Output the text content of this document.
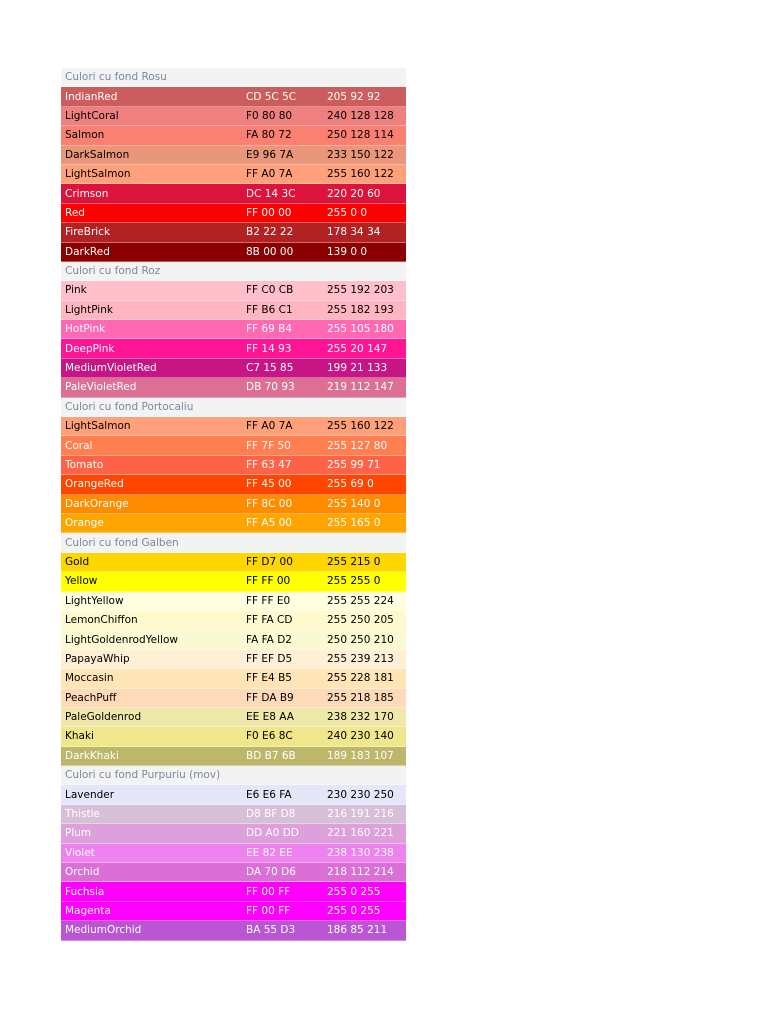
Culori cu fond Rosu
IndianRed	CD 5C 5C	205 92 92
LightCoral	F0 80 80	240 128 128
Salmon	FA 80 72	250 128 114
DarkSalmon	E9 96 7A	233 150 122
LightSalmon	FF A0 7A	255 160 122
Crimson	DC 14 3C	220 20 60
Red	FF 00 00	255 0 0
FireBrick	B2 22 22	178 34 34
DarkRed	8B 00 00	139 0 0
Culori cu fond Roz
Pink	FF C0 CB	255 192 203
LightPink	FF B6 C1	255 182 193
HotPink	FF 69 B4	255 105 180
DeepPink	FF 14 93	255 20 147
MediumVioletRed	C7 15 85	199 21 133
PaleVioletRed	DB 70 93	219 112 147
Culori cu fond Portocaliu
LightSalmon	FF A0 7A	255 160 122
Coral	FF 7F 50	255 127 80
Tomato	FF 63 47	255 99 71
OrangeRed	FF 45 00	255 69 0
DarkOrange	FF 8C 00	255 140 0
Orange	FF A5 00	255 165 0
Culori cu fond Galben
Gold	FF D7 00	255 215 0
Yellow	FF FF 00	255 255 0
LightYellow	FF FF E0	255 255 224
LemonChiffon	FF FA CD	255 250 205
LightGoldenrodYellow	FA FA D2	250 250 210
PapayaWhip	FF EF D5	255 239 213
Moccasin	FF E4 B5	255 228 181
PeachPuff	FF DA B9	255 218 185
PaleGoldenrod	EE E8 AA	238 232 170
Khaki	F0 E6 8C	240 230 140
DarkKhaki	BD B7 6B	189 183 107
Culori cu fond Purpuriu (mov)
Lavender	E6 E6 FA	230 230 250
Thistle	D8 BF D8	216 191 216
Plum	DD A0 DD	221 160 221
Violet	EE 82 EE	238 130 238
Orchid	DA 70 D6	218 112 214
Fuchsia	FF 00 FF	255 0 255
Magenta	FF 00 FF	255 0 255
MediumOrchid	BA 55 D3	186 85 211
